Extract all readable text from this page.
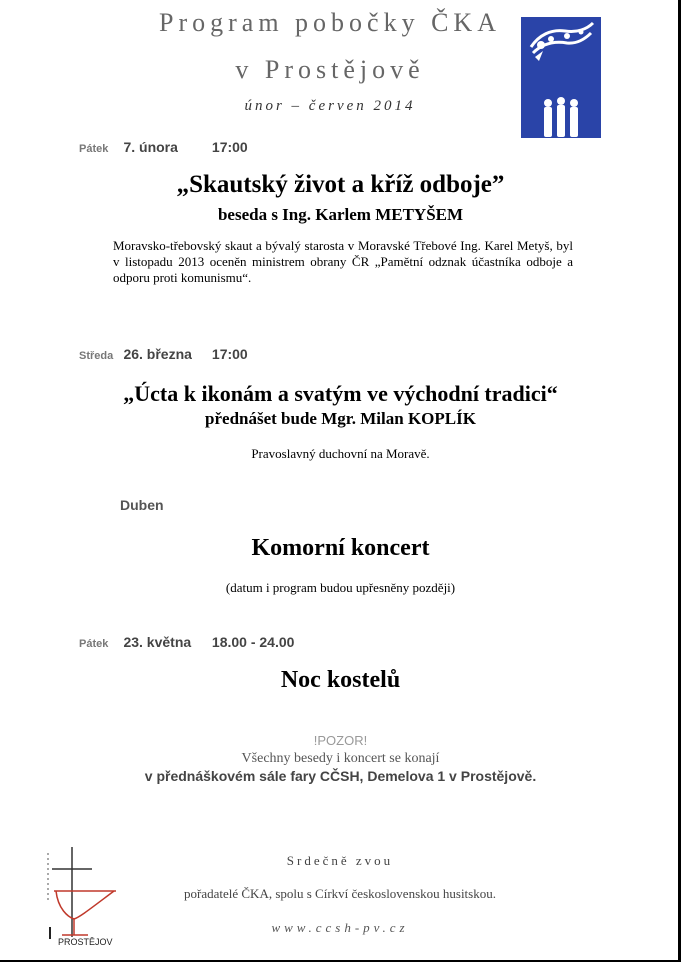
Program pobočky ČKA
v Prostějově
únor – červen 2014
Pátek 7. února 17:00
„Skautský život a kříž odboje”
beseda s Ing. Karlem METYŠEM
Moravsko-třebovský skaut a bývalý starosta v Moravské Třebové Ing. Karel Metyš, byl v listopadu 2013 oceněn ministrem obrany ČR „Pamětní odznak účastníka odboje a odporu proti komunismu“.
Středa 26. března 17:00
„Úcta k ikonám a svatým ve východní tradici“
přednášet bude Mgr. Milan KOPLÍK
Pravoslavný duchovní na Moravě.
Duben
Komorní koncert
(datum i program budou upřesněny později)
Pátek 23. května 18.00 - 24.00
Noc kostelů
!POZOR!
Všechny besedy i koncert se konají
v přednáškovém sále fary CČSH, Demelova 1 v Prostějově.
PROSTĚJOV
Srdečně zvou
pořadatelé ČKA, spolu s Církví československou husitskou.
www.ccsh-pv.cz
